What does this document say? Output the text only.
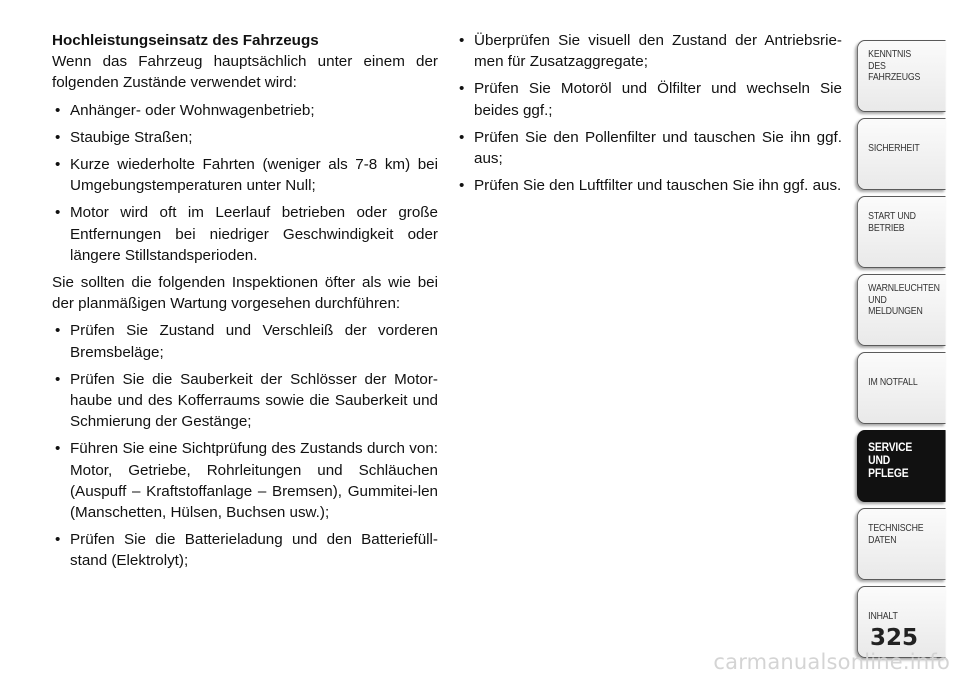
Hochleistungseinsatz des Fahrzeugs

Wenn das Fahrzeug hauptsächlich unter einem der folgenden Zustände verwendet wird:

• Anhänger- oder Wohnwagenbetrieb;
• Staubige Straßen;
• Kurze wiederholte Fahrten (weniger als 7-8 km) bei Umgebungstemperaturen unter Null;
• Motor wird oft im Leerlauf betrieben oder große Entfernungen bei niedriger Geschwindigkeit oder längere Stillstandsperioden.

Sie sollten die folgenden Inspektionen öfter als wie bei der planmäßigen Wartung vorgesehen durchführen:

• Prüfen Sie Zustand und Verschleiß der vorderen Bremsbeläge;
• Prüfen Sie die Sauberkeit der Schlösser der Motor-haube und des Kofferraums sowie die Sauberkeit und Schmierung der Gestänge;
• Führen Sie eine Sichtprüfung des Zustands durch von: Motor, Getriebe, Rohrleitungen und Schläuchen (Auspuff – Kraftstoffanlage – Bremsen), Gummitei-len (Manschetten, Hülsen, Buchsen usw.);
• Prüfen Sie die Batterieladung und den Batteriefüll-stand (Elektrolyt);
• Überprüfen Sie visuell den Zustand der Antriebsrie-men für Zusatzaggregate;
• Prüfen Sie Motoröl und Ölfilter und wechseln Sie beides ggf.;
• Prüfen Sie den Pollenfilter und tauschen Sie ihn ggf. aus;
• Prüfen Sie den Luftfilter und tauschen Sie ihn ggf. aus.
KENNTNIS
DES
FAHRZEUGS
SICHERHEIT
START UND
BETRIEB
WARNLEUCHTEN
UND
MELDUNGEN
IM NOTFALL
SERVICE
UND
PFLEGE
TECHNISCHE
DATEN
INHALT
325
carmanualsonline.info
